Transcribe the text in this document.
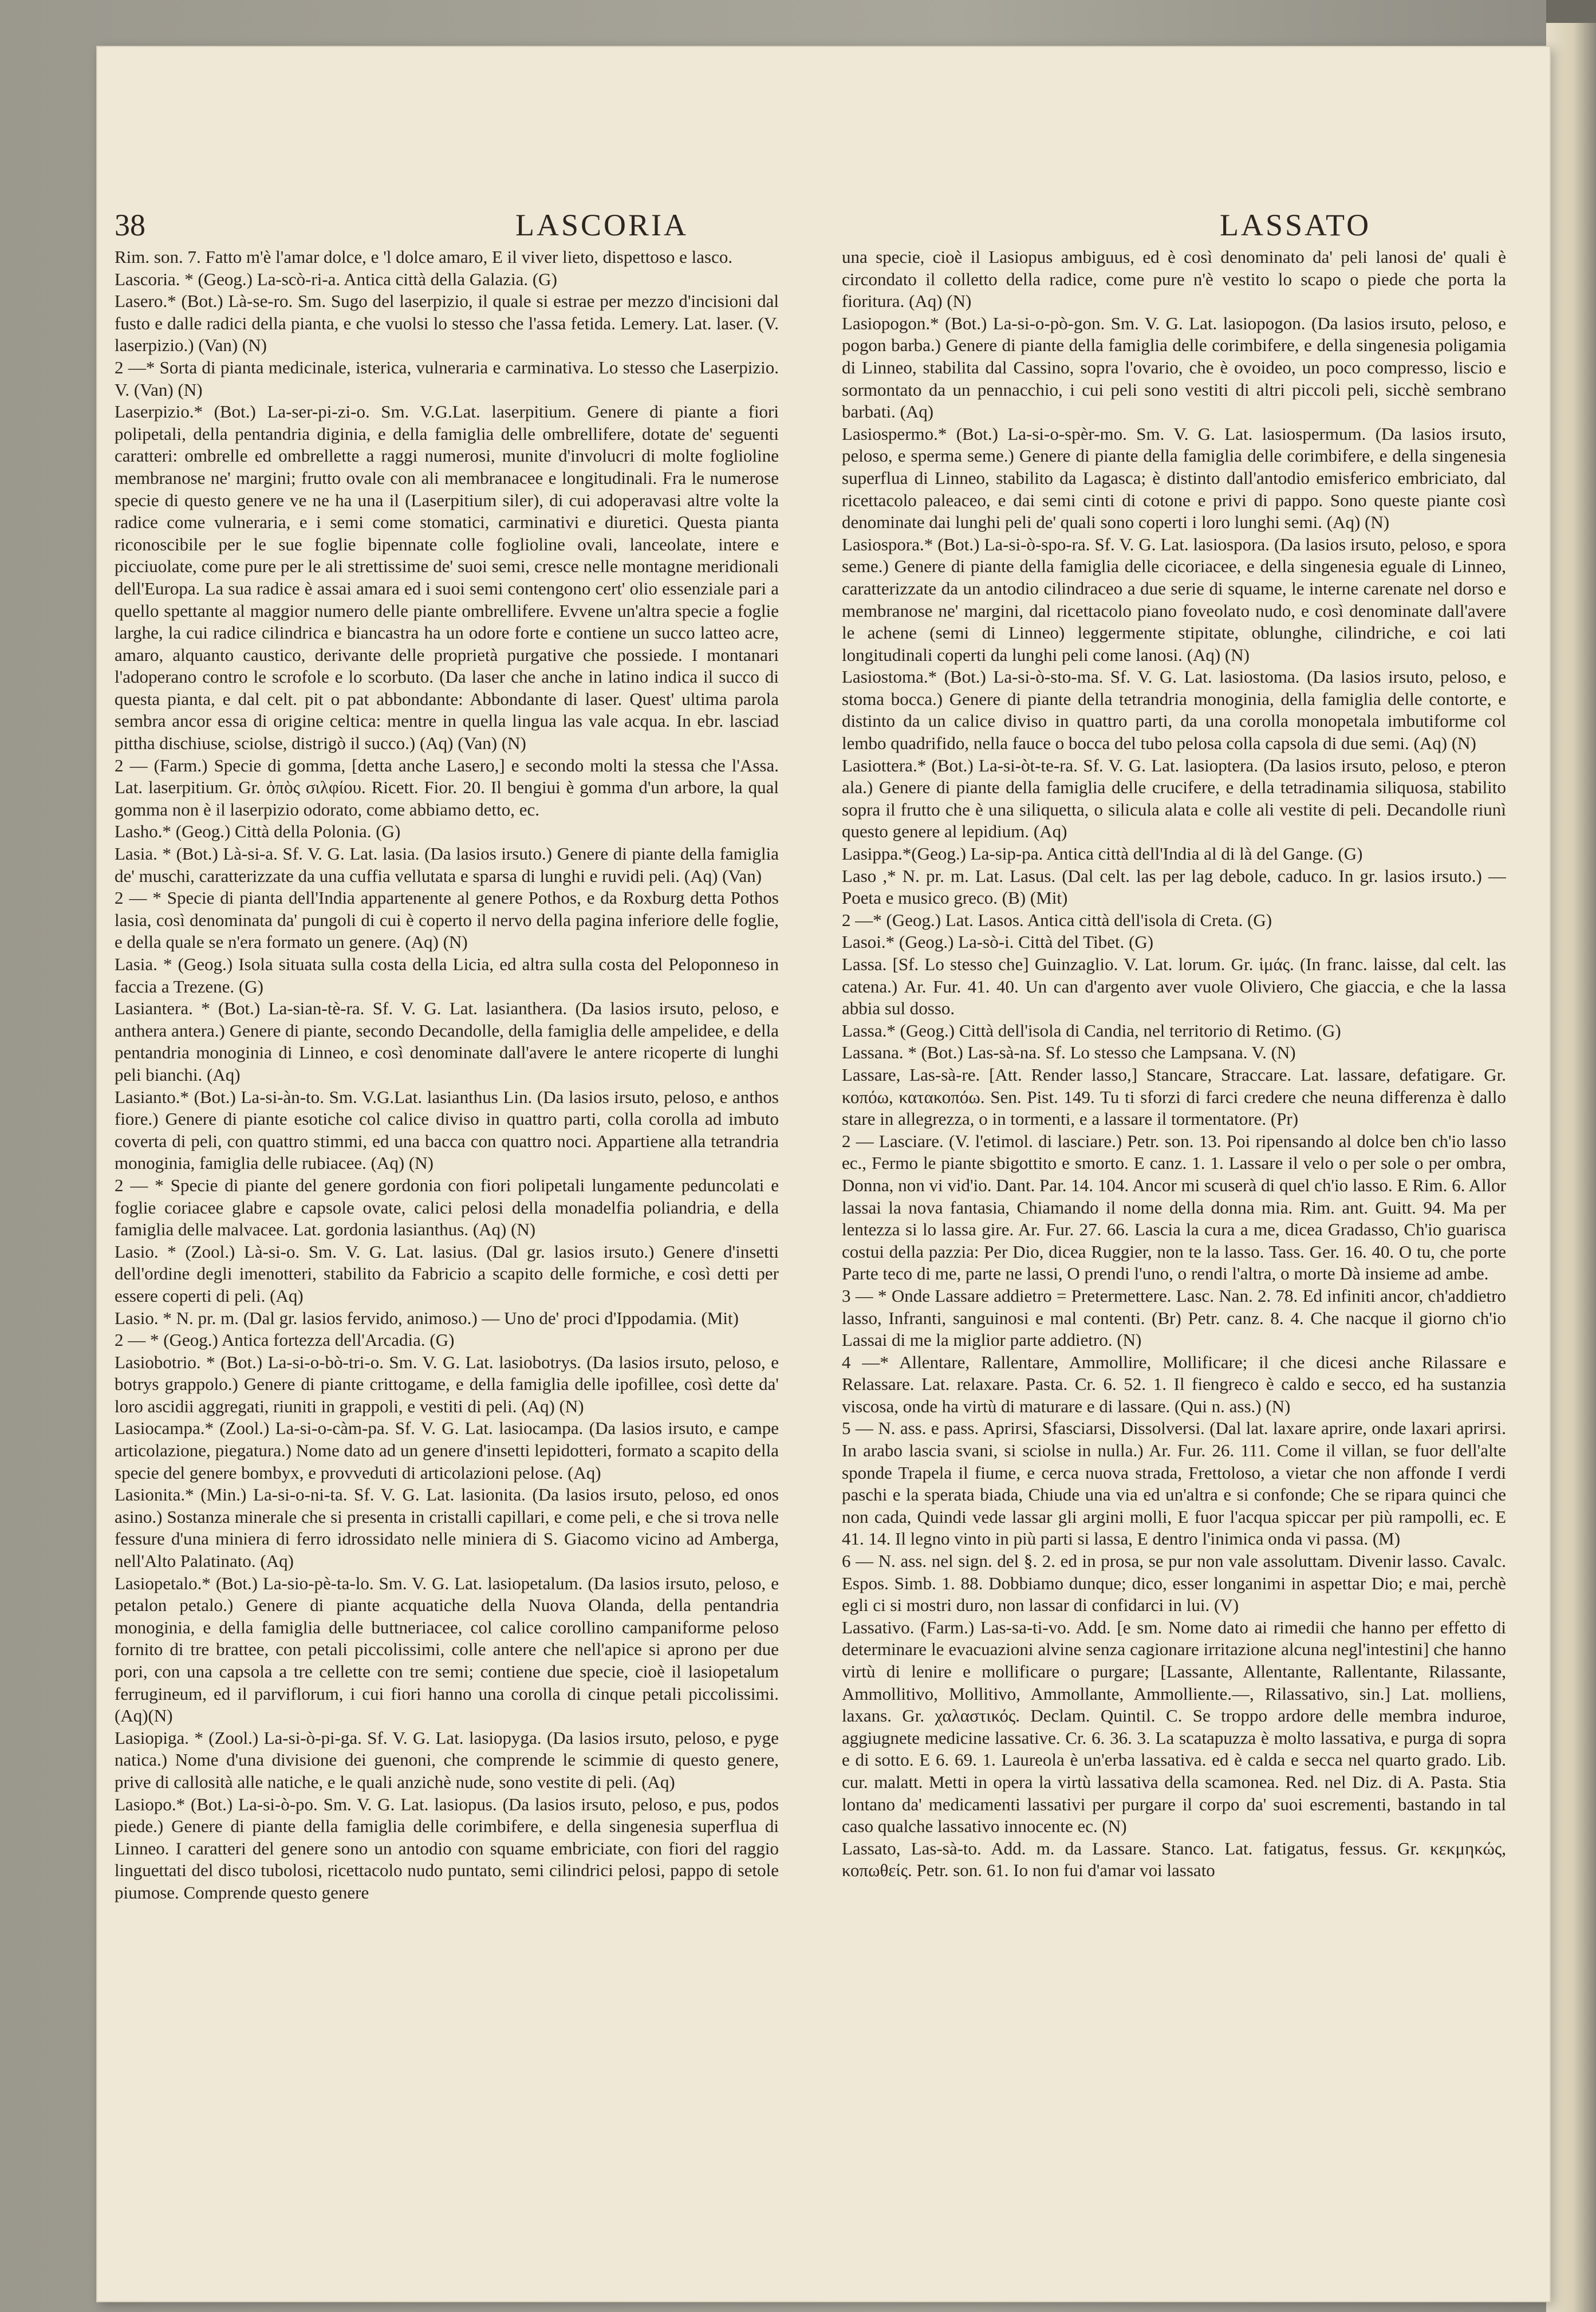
38	LASCORIA	LASSATO

Rim. son. 7. Fatto m'è l'amar dolce, e 'l dolce amaro, E il viver lieto, dispettoso e lasco.

Lascoria. * (Geog.) La-scò-ri-a. Antica città della Galazia. (G)

Lasero.* (Bot.) Là-se-ro. Sm. Sugo del laserpizio, il quale si estrae per mezzo d'incisioni dal fusto e dalle radici della pianta, e che vuolsi lo stesso che l'assa fetida. Lemery. Lat. laser. (V. laserpizio.) (Van) (N)

2 —* Sorta di pianta medicinale, isterica, vulneraria e carminativa. Lo stesso che Laserpizio. V. (Van) (N)

Laserpizio.* (Bot.) La-ser-pi-zi-o. Sm. V.G.Lat. laserpitium. Genere di piante a fiori polipetali, della pentandria diginia, e della famiglia delle ombrellifere, dotate de' seguenti caratteri: ombrelle ed ombrellette a raggi numerosi, munite d'involucri di molte foglioline membranose ne' margini; frutto ovale con ali membranacee e longitudinali. Fra le numerose specie di questo genere ve ne ha una il (Laserpitium siler), di cui adoperavasi altre volte la radice come vulneraria, e i semi come stomatici, carminativi e diuretici. Questa pianta riconoscibile per le sue foglie bipennate colle foglioline ovali, lanceolate, intere e picciuolate, come pure per le ali strettissime de' suoi semi, cresce nelle montagne meridionali dell'Europa. La sua radice è assai amara ed i suoi semi contengono cert' olio essenziale pari a quello spettante al maggior numero delle piante ombrellifere. Evvene un'altra specie a foglie larghe, la cui radice cilindrica e biancastra ha un odore forte e contiene un succo latteo acre, amaro, alquanto caustico, derivante delle proprietà purgative che possiede. I montanari l'adoperano contro le scrofole e lo scorbuto. (Da laser che anche in latino indica il succo di questa pianta, e dal celt. pit o pat abbondante: Abbondante di laser. Quest' ultima parola sembra ancor essa di origine celtica: mentre in quella lingua las vale acqua. In ebr. lasciad pittha dischiuse, sciolse, distrigò il succo.) (Aq) (Van) (N)

2 — (Farm.) Specie di gomma, [detta anche Lasero,] e secondo molti la stessa che l'Assa. Lat. laserpitium. Gr. ὀπὸς σιλφίου. Ricett. Fior. 20. Il bengiui è gomma d'un arbore, la qual gomma non è il laserpizio odorato, come abbiamo detto, ec.

Lasho.* (Geog.) Città della Polonia. (G)

Lasia. * (Bot.) Là-si-a. Sf. V. G. Lat. lasia. (Da lasios irsuto.) Genere di piante della famiglia de' muschi, caratterizzate da una cuffia vellutata e sparsa di lunghi e ruvidi peli. (Aq) (Van)

2 — * Specie di pianta dell'India appartenente al genere Pothos, e da Roxburg detta Pothos lasia, così denominata da' pungoli di cui è coperto il nervo della pagina inferiore delle foglie, e della quale se n'era formato un genere. (Aq) (N)

Lasia. * (Geog.) Isola situata sulla costa della Licia, ed altra sulla costa del Peloponneso in faccia a Trezene. (G)

Lasiantera. * (Bot.) La-sian-tè-ra. Sf. V. G. Lat. lasianthera. (Da lasios irsuto, peloso, e anthera antera.) Genere di piante, secondo Decandolle, della famiglia delle ampelidee, e della pentandria monoginia di Linneo, e così denominate dall'avere le antere ricoperte di lunghi peli bianchi. (Aq)

Lasianto.* (Bot.) La-si-àn-to. Sm. V.G.Lat. lasianthus Lin. (Da lasios irsuto, peloso, e anthos fiore.) Genere di piante esotiche col calice diviso in quattro parti, colla corolla ad imbuto coverta di peli, con quattro stimmi, ed una bacca con quattro noci. Appartiene alla tetrandria monoginia, famiglia delle rubiacee. (Aq) (N)

2 — * Specie di piante del genere gordonia con fiori polipetali lungamente peduncolati e foglie coriacee glabre e capsole ovate, calici pelosi della monadelfia poliandria, e della famiglia delle malvacee. Lat. gordonia lasianthus. (Aq) (N)

Lasio. * (Zool.) Là-si-o. Sm. V. G. Lat. lasius. (Dal gr. lasios irsuto.) Genere d'insetti dell'ordine degli imenotteri, stabilito da Fabricio a scapito delle formiche, e così detti per essere coperti di peli. (Aq)

Lasio. * N. pr. m. (Dal gr. lasios fervido, animoso.) — Uno de' proci d'Ippodamia. (Mit)

2 — * (Geog.) Antica fortezza dell'Arcadia. (G)

Lasiobotrio. * (Bot.) La-si-o-bò-tri-o. Sm. V. G. Lat. lasiobotrys. (Da lasios irsuto, peloso, e botrys grappolo.) Genere di piante crittogame, e della famiglia delle ipofillee, così dette da' loro ascidii aggregati, riuniti in grappoli, e vestiti di peli. (Aq) (N)

Lasiocampa.* (Zool.) La-si-o-càm-pa. Sf. V. G. Lat. lasiocampa. (Da lasios irsuto, e campe articolazione, piegatura.) Nome dato ad un genere d'insetti lepidotteri, formato a scapito della specie del genere bombyx, e provveduti di articolazioni pelose. (Aq)

Lasionita.* (Min.) La-si-o-ni-ta. Sf. V. G. Lat. lasionita. (Da lasios irsuto, peloso, ed onos asino.) Sostanza minerale che si presenta in cristalli capillari, e come peli, e che si trova nelle fessure d'una miniera di ferro idrossidato nelle miniera di S. Giacomo vicino ad Amberga, nell'Alto Palatinato. (Aq)

Lasiopetalo.* (Bot.) La-sio-pè-ta-lo. Sm. V. G. Lat. lasiopetalum. (Da lasios irsuto, peloso, e petalon petalo.) Genere di piante acquatiche della Nuova Olanda, della pentandria monoginia, e della famiglia delle buttneriacee, col calice corollino campaniforme peloso fornito di tre brattee, con petali piccolissimi, colle antere che nell'apice si aprono per due pori, con una capsola a tre cellette con tre semi; contiene due specie, cioè il lasiopetalum ferrugineum, ed il parviflorum, i cui fiori hanno una corolla di cinque petali piccolissimi. (Aq)(N)

Lasiopiga. * (Zool.) La-si-ò-pi-ga. Sf. V. G. Lat. lasiopyga. (Da lasios irsuto, peloso, e pyge natica.) Nome d'una divisione dei guenoni, che comprende le scimmie di questo genere, prive di callosità alle natiche, e le quali anzichè nude, sono vestite di peli. (Aq)

Lasiopo.* (Bot.) La-si-ò-po. Sm. V. G. Lat. lasiopus. (Da lasios irsuto, peloso, e pus, podos piede.) Genere di piante della famiglia delle corimbifere, e della singenesia superflua di Linneo. I caratteri del genere sono un antodio con squame embriciate, con fiori del raggio linguettati del disco tubolosi, ricettacolo nudo puntato, semi cilindrici pelosi, pappo di setole piumose. Comprende questo genere

una specie, cioè il Lasiopus ambiguus, ed è così denominato da' peli lanosi de' quali è circondato il colletto della radice, come pure n'è vestito lo scapo o piede che porta la fioritura. (Aq) (N)

Lasiopogon.* (Bot.) La-si-o-pò-gon. Sm. V. G. Lat. lasiopogon. (Da lasios irsuto, peloso, e pogon barba.) Genere di piante della famiglia delle corimbifere, e della singenesia poligamia di Linneo, stabilita dal Cassino, sopra l'ovario, che è ovoideo, un poco compresso, liscio e sormontato da un pennacchio, i cui peli sono vestiti di altri piccoli peli, sicchè sembrano barbati. (Aq)

Lasiospermo.* (Bot.) La-si-o-spèr-mo. Sm. V. G. Lat. lasiospermum. (Da lasios irsuto, peloso, e sperma seme.) Genere di piante della famiglia delle corimbifere, e della singenesia superflua di Linneo, stabilito da Lagasca; è distinto dall'antodio emisferico embriciato, dal ricettacolo paleaceo, e dai semi cinti di cotone e privi di pappo. Sono queste piante così denominate dai lunghi peli de' quali sono coperti i loro lunghi semi. (Aq) (N)

Lasiospora.* (Bot.) La-si-ò-spo-ra. Sf. V. G. Lat. lasiospora. (Da lasios irsuto, peloso, e spora seme.) Genere di piante della famiglia delle cicoriacee, e della singenesia eguale di Linneo, caratterizzate da un antodio cilindraceo a due serie di squame, le interne carenate nel dorso e membranose ne' margini, dal ricettacolo piano foveolato nudo, e così denominate dall'avere le achene (semi di Linneo) leggermente stipitate, oblunghe, cilindriche, e coi lati longitudinali coperti da lunghi peli come lanosi. (Aq) (N)

Lasiostoma.* (Bot.) La-si-ò-sto-ma. Sf. V. G. Lat. lasiostoma. (Da lasios irsuto, peloso, e stoma bocca.) Genere di piante della tetrandria monoginia, della famiglia delle contorte, e distinto da un calice diviso in quattro parti, da una corolla monopetala imbutiforme col lembo quadrifido, nella fauce o bocca del tubo pelosa colla capsola di due semi. (Aq) (N)

Lasiottera.* (Bot.) La-si-òt-te-ra. Sf. V. G. Lat. lasioptera. (Da lasios irsuto, peloso, e pteron ala.) Genere di piante della famiglia delle crucifere, e della tetradinamia siliquosa, stabilito sopra il frutto che è una siliquetta, o silicula alata e colle ali vestite di peli. Decandolle riunì questo genere al lepidium. (Aq)

Lasippa.*(Geog.) La-sip-pa. Antica città dell'India al di là del Gange. (G)

Laso ,* N. pr. m. Lat. Lasus. (Dal celt. las per lag debole, caduco. In gr. lasios irsuto.) — Poeta e musico greco. (B) (Mit)

2 —* (Geog.) Lat. Lasos. Antica città dell'isola di Creta. (G)

Lasoi.* (Geog.) La-sò-i. Città del Tibet. (G)

Lassa. [Sf. Lo stesso che] Guinzaglio. V. Lat. lorum. Gr. ἱμάς. (In franc. laisse, dal celt. las catena.) Ar. Fur. 41. 40. Un can d'argento aver vuole Oliviero, Che giaccia, e che la lassa abbia sul dosso.

Lassa.* (Geog.) Città dell'isola di Candia, nel territorio di Retimo. (G)

Lassana. * (Bot.) Las-sà-na. Sf. Lo stesso che Lampsana. V. (N)

Lassare, Las-sà-re. [Att. Render lasso,] Stancare, Straccare. Lat. lassare, defatigare. Gr. κοπόω, κατακοπόω. Sen. Pist. 149. Tu ti sforzi di farci credere che neuna differenza è dallo stare in allegrezza, o in tormenti, e a lassare il tormentatore. (Pr)

2 — Lasciare. (V. l'etimol. di lasciare.) Petr. son. 13. Poi ripensando al dolce ben ch'io lasso ec., Fermo le piante sbigottito e smorto. E canz. 1. 1. Lassare il velo o per sole o per ombra, Donna, non vi vid'io. Dant. Par. 14. 104. Ancor mi scuserà di quel ch'io lasso. E Rim. 6. Allor lassai la nova fantasia, Chiamando il nome della donna mia. Rim. ant. Guitt. 94. Ma per lentezza si lo lassa gire. Ar. Fur. 27. 66. Lascia la cura a me, dicea Gradasso, Ch'io guarisca costui della pazzia: Per Dio, dicea Ruggier, non te la lasso. Tass. Ger. 16. 40. O tu, che porte Parte teco di me, parte ne lassi, O prendi l'uno, o rendi l'altra, o morte Dà insieme ad ambe.

3 — * Onde Lassare addietro = Pretermettere. Lasc. Nan. 2. 78. Ed infiniti ancor, ch'addietro lasso, Infranti, sanguinosi e mal contenti. (Br) Petr. canz. 8. 4. Che nacque il giorno ch'io Lassai di me la miglior parte addietro. (N)

4 —* Allentare, Rallentare, Ammollire, Mollificare; il che dicesi anche Rilassare e Relassare. Lat. relaxare. Pasta. Cr. 6. 52. 1. Il fiengreco è caldo e secco, ed ha sustanzia viscosa, onde ha virtù di maturare e di lassare. (Qui n. ass.) (N)

5 — N. ass. e pass. Aprirsi, Sfasciarsi, Dissolversi. (Dal lat. laxare aprire, onde laxari aprirsi. In arabo lascia svani, si sciolse in nulla.) Ar. Fur. 26. 111. Come il villan, se fuor dell'alte sponde Trapela il fiume, e cerca nuova strada, Frettoloso, a vietar che non affonde I verdi paschi e la sperata biada, Chiude una via ed un'altra e si confonde; Che se ripara quinci che non cada, Quindi vede lassar gli argini molli, E fuor l'acqua spiccar per più rampolli, ec. E 41. 14. Il legno vinto in più parti si lassa, E dentro l'inimica onda vi passa. (M)

6 — N. ass. nel sign. del §. 2. ed in prosa, se pur non vale assoluttam. Divenir lasso. Cavalc. Espos. Simb. 1. 88. Dobbiamo dunque; dico, esser longanimi in aspettar Dio; e mai, perchè egli ci si mostri duro, non lassar di confidarci in lui. (V)

Lassativo. (Farm.) Las-sa-ti-vo. Add. [e sm. Nome dato ai rimedii che hanno per effetto di determinare le evacuazioni alvine senza cagionare irritazione alcuna negl'intestini] che hanno virtù di lenire e mollificare o purgare; [Lassante, Allentante, Rallentante, Rilassante, Ammollitivo, Mollitivo, Ammollante, Ammolliente.—, Rilassativo, sin.] Lat. molliens, laxans. Gr. χαλαστικός. Declam. Quintil. C. Se troppo ardore delle membra induroe, aggiugnete medicine lassative. Cr. 6. 36. 3. La scatapuzza è molto lassativa, e purga di sopra e di sotto. E 6. 69. 1. Laureola è un'erba lassativa. ed è calda e secca nel quarto grado. Lib. cur. malatt. Metti in opera la virtù lassativa della scamonea. Red. nel Diz. di A. Pasta. Stia lontano da' medicamenti lassativi per purgare il corpo da' suoi escrementi, bastando in tal caso qualche lassativo innocente ec. (N)

Lassato, Las-sà-to. Add. m. da Lassare. Stanco. Lat. fatigatus, fessus. Gr. κεκμηκώς, κοπωθείς. Petr. son. 61. Io non fui d'amar voi lassato
